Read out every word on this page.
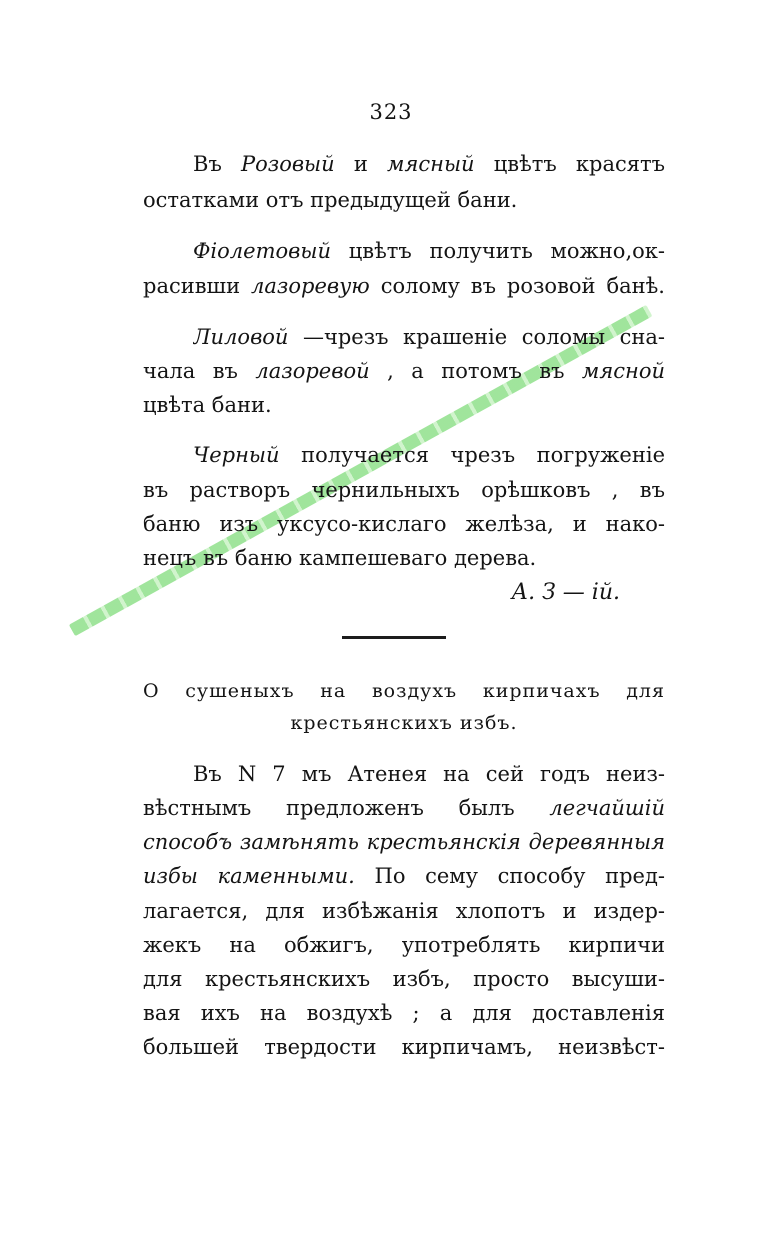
323
Въ Розовый и мясный цвѣтъ красятъ
остатками отъ предыдущей бани.
Фіолетовый цвѣтъ получить можно,ок-
расивши лазоревую солому въ розовой банѣ.
Лиловой —чрезъ крашеніе соломы сна-
чала въ лазоревой , а потомъ въ мясной
цвѣта бани.
Черный получается чрезъ погруженіе
въ растворъ чернильныхъ орѣшковъ , въ
баню изъ уксусо-кислаго желѣза, и нако-
нецъ въ баню кампешеваго дерева.
А. З — ій.
О сушеныхъ на воздухъ кирпичахъ для
крестьянскихъ избъ.
Въ N 7 мъ Атенея на сей годъ неиз-
вѣстнымъ предложенъ былъ легчайшій
способъ замѣнять крестьянскія деревянныя
избы каменными. По сему способу пред-
лагается, для избѣжанія хлопотъ и издер-
жекъ на обжигъ, употреблять кирпичи
для крестьянскихъ избъ, просто высуши-
вая ихъ на воздухѣ ; а для доставленія
большей твердости кирпичамъ, неизвѣст-
